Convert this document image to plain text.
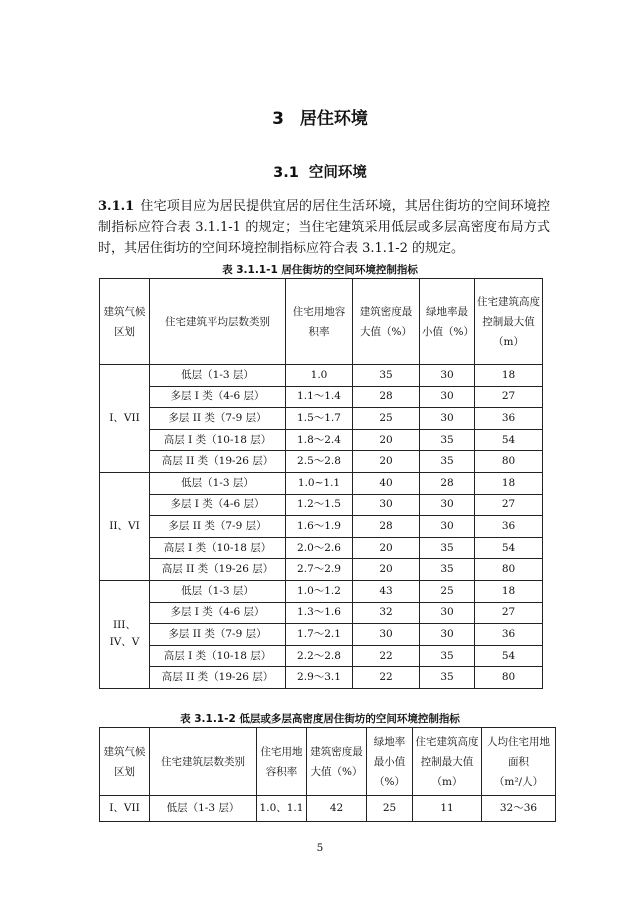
3 居住环境
3.1 空间环境
3.1.1 住宅项目应为居民提供宜居的居住生活环境，其居住街坊的空间环境控制指标应符合表 3.1.1-1 的规定；当住宅建筑采用低层或多层高密度布局方式时，其居住街坊的空间环境控制指标应符合表 3.1.1-2 的规定。
表 3.1.1-1 居住街坊的空间环境控制指标
建筑气候区划	住宅建筑平均层数类别	住宅用地容积率	建筑密度最大值（%）	绿地率最小值（%）	住宅建筑高度控制最大值（m）
I、VII	低层（1-3 层）	1.0	35	30	18
	多层 I 类（4-6 层）	1.1～1.4	28	30	27
	多层 II 类（7-9 层）	1.5～1.7	25	30	36
	高层 I 类（10-18 层）	1.8～2.4	20	35	54
	高层 II 类（19-26 层）	2.5～2.8	20	35	80
II、VI	低层（1-3 层）	1.0~1.1	40	28	18
	多层 I 类（4-6 层）	1.2～1.5	30	30	27
	多层 II 类（7-9 层）	1.6～1.9	28	30	36
	高层 I 类（10-18 层）	2.0～2.6	20	35	54
	高层 II 类（19-26 层）	2.7～2.9	20	35	80
III、IV、V	低层（1-3 层）	1.0～1.2	43	25	18
	多层 I 类（4-6 层）	1.3～1.6	32	30	27
	多层 II 类（7-9 层）	1.7～2.1	30	30	36
	高层 I 类（10-18 层）	2.2～2.8	22	35	54
	高层 II 类（19-26 层）	2.9～3.1	22	35	80
表 3.1.1-2 低层或多层高密度居住街坊的空间环境控制指标
建筑气候区划	住宅建筑层数类别	住宅用地容积率	建筑密度最大值（%）	绿地率最小值（%）	住宅建筑高度控制最大值（m）	人均住宅用地面积
（m²/人）
I、VII	低层（1-3 层）	1.0、1.1	42	25	11	32～36
5
